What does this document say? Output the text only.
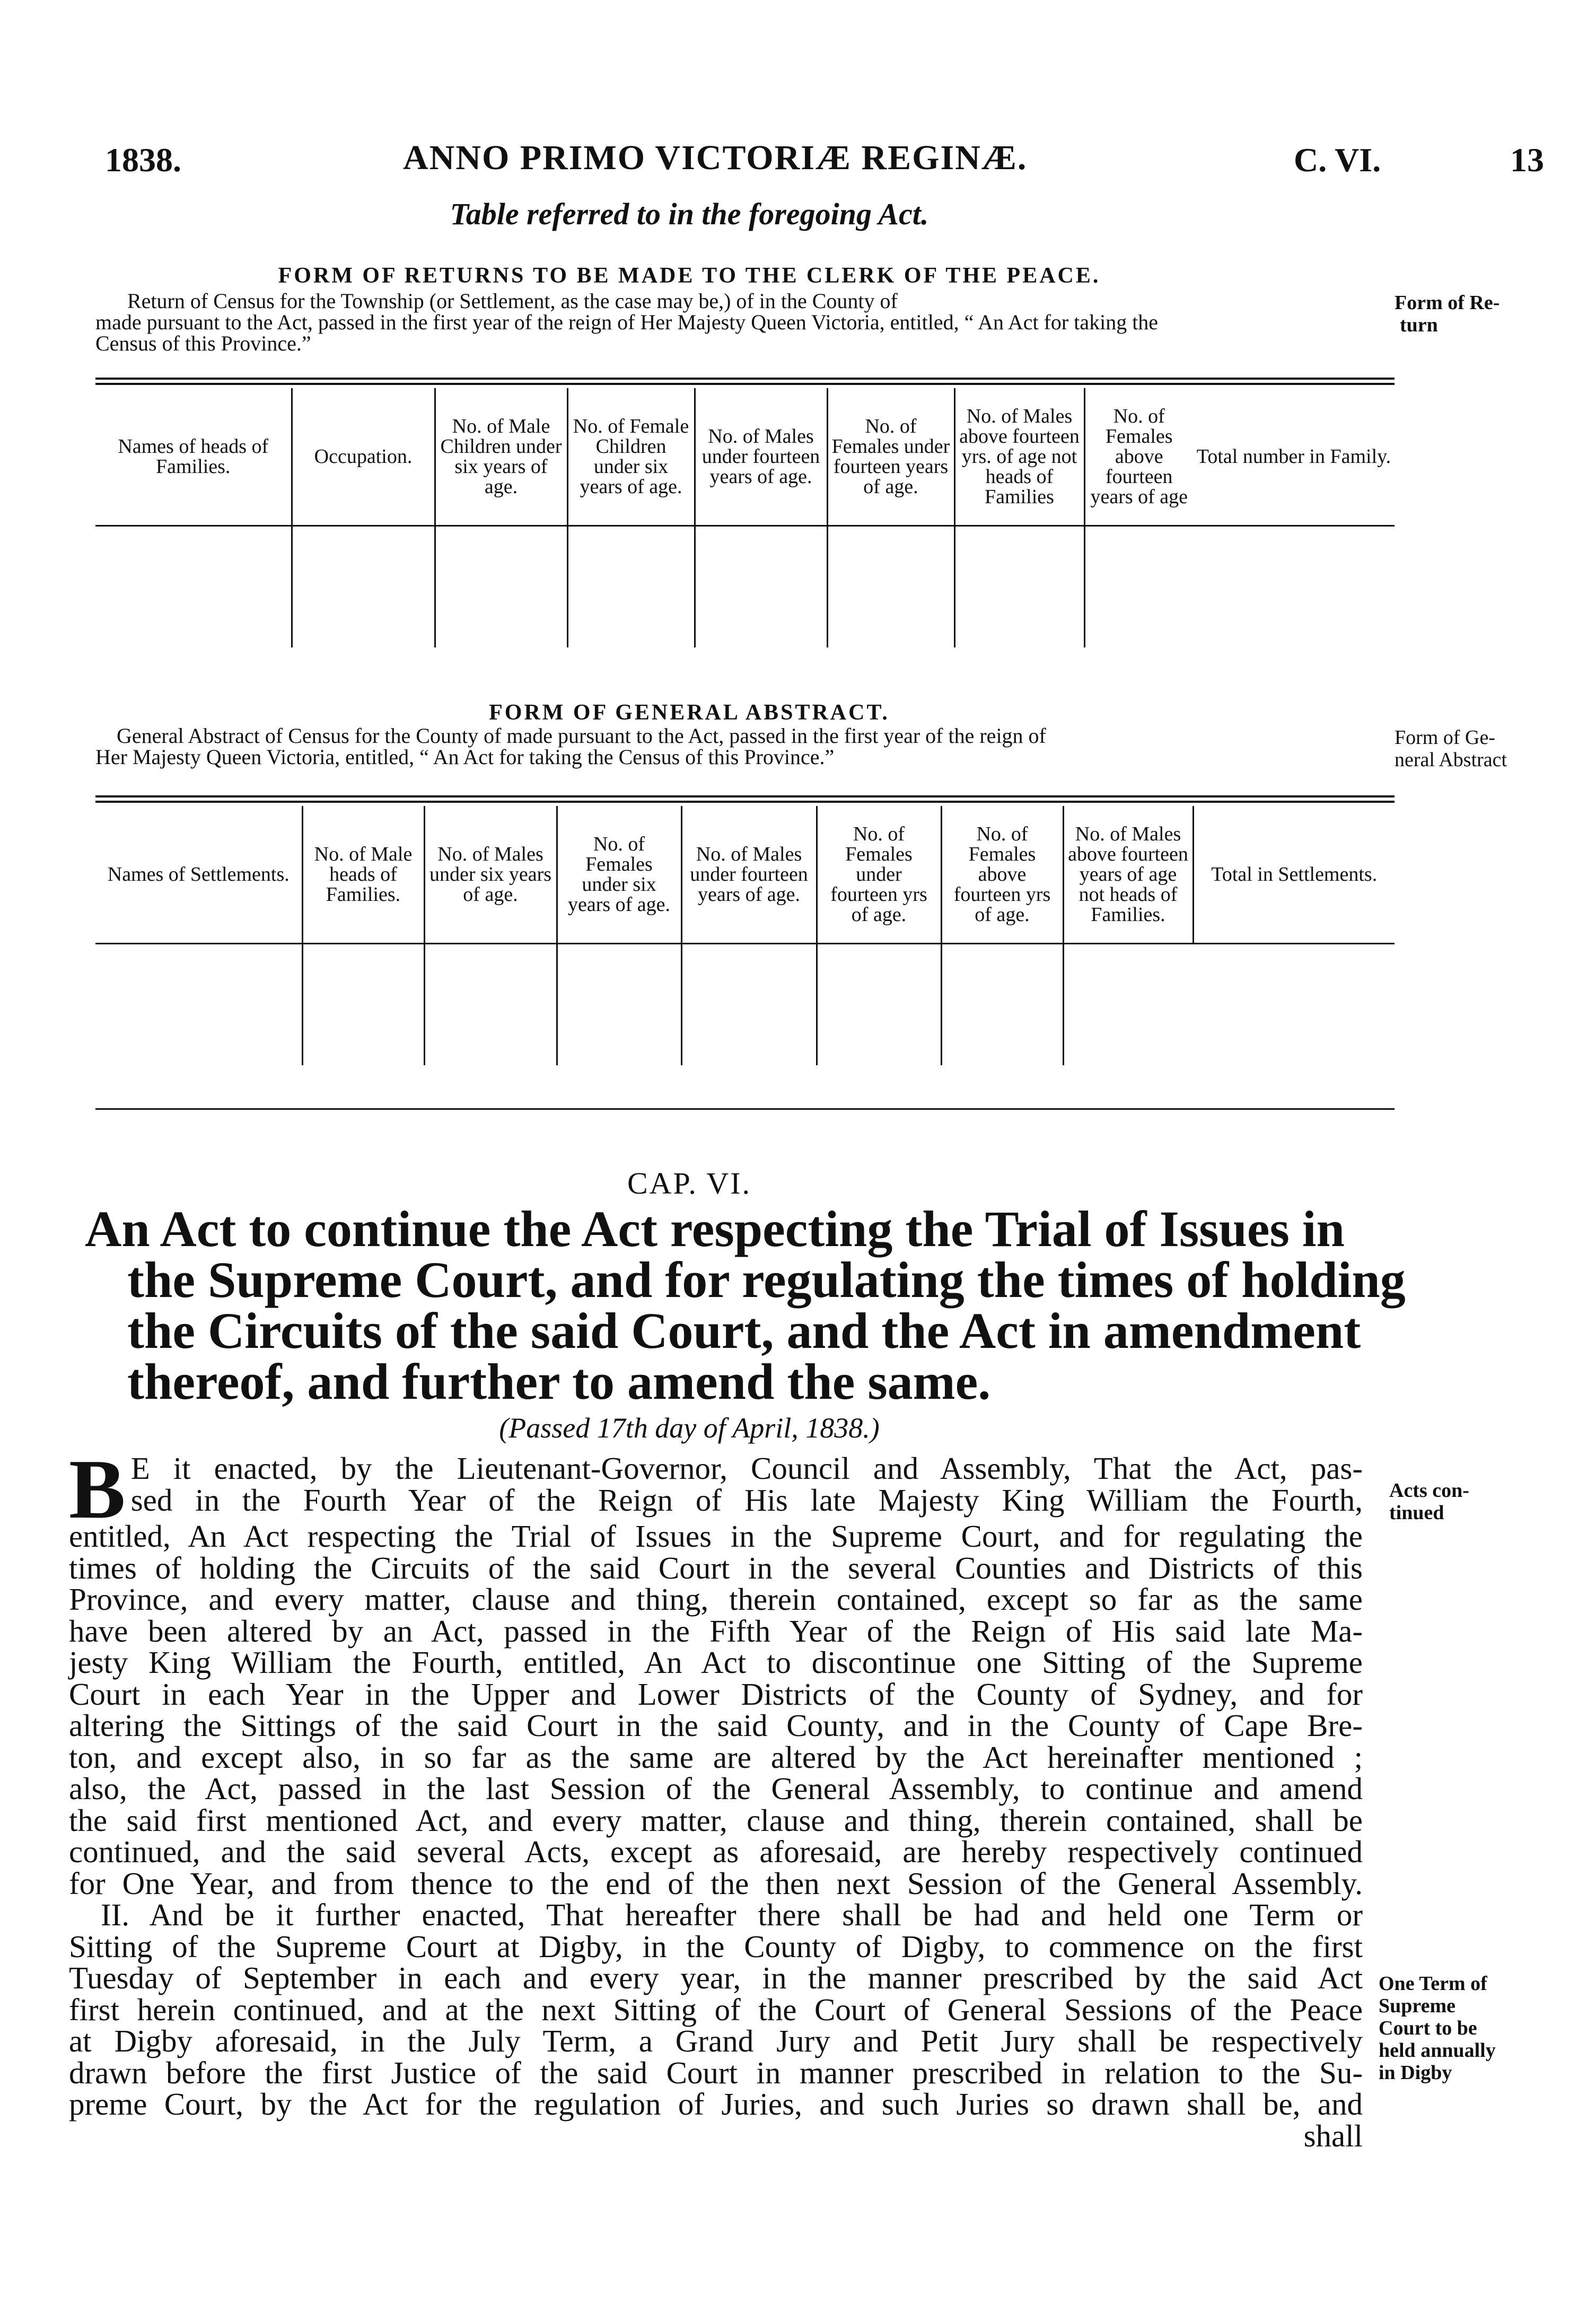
1838.	ANNO PRIMO VICTORIÆ REGINÆ.	C. VI.	13
Table referred to in the foregoing Act.
FORM OF RETURNS TO BE MADE TO THE CLERK OF THE PEACE.
Return of Census for the Township (or Settlement, as the case may be,) of in the County of
made pursuant to the Act, passed in the first year of the reign of Her Majesty Queen Victoria, entitled, “ An Act for taking the
Census of this Province.”
Form of Re-
turn
Names of heads of Families.	Occupation.	No. of Male Children under six years of age.	No. of Female Children under six years of age.	No. of Males under fourteen years of age.	No. of Females under fourteen years of age.	No. of Males above fourteen yrs. of age not heads of Families	No. of Females above fourteen years of age	Total number in Family.

FORM OF GENERAL ABSTRACT.
General Abstract of Census for the County of made pursuant to the Act, passed in the first year of the reign of
Her Majesty Queen Victoria, entitled, “ An Act for taking the Census of this Province.”
Form of Ge-
neral Abstract
Names of Settlements.	No. of Male heads of Families.	No. of Males under six years of age.	No. of Females under six years of age.	No. of Males under fourteen years of age.	No. of Females under fourteen yrs of age.	No. of Females above fourteen yrs of age.	No. of Males above fourteen years of age not heads of Families.	Total in Settlements.

CAP. VI.
An Act to continue the Act respecting the Trial of Issues in
the Supreme Court, and for regulating the times of holding
the Circuits of the said Court, and the Act in amendment
thereof, and further to amend the same.
(Passed 17th day of April, 1838.)
B E it enacted, by the Lieutenant-Governor, Council and Assembly, That the Act, pas-
sed in the Fourth Year of the Reign of His late Majesty King William the Fourth,
entitled, An Act respecting the Trial of Issues in the Supreme Court, and for regulating the
times of holding the Circuits of the said Court in the several Counties and Districts of this
Province, and every matter, clause and thing, therein contained, except so far as the same
have been altered by an Act, passed in the Fifth Year of the Reign of His said late Ma-
jesty King William the Fourth, entitled, An Act to discontinue one Sitting of the Supreme
Court in each Year in the Upper and Lower Districts of the County of Sydney, and for
altering the Sittings of the said Court in the said County, and in the County of Cape Bre-
ton, and except also, in so far as the same are altered by the Act hereinafter mentioned ;
also, the Act, passed in the last Session of the General Assembly, to continue and amend
the said first mentioned Act, and every matter, clause and thing, therein contained, shall be
continued, and the said several Acts, except as aforesaid, are hereby respectively continued
for One Year, and from thence to the end of the then next Session of the General Assembly.
II. And be it further enacted, That hereafter there shall be had and held one Term or
Sitting of the Supreme Court at Digby, in the County of Digby, to commence on the first
Tuesday of September in each and every year, in the manner prescribed by the said Act
first herein continued, and at the next Sitting of the Court of General Sessions of the Peace
at Digby aforesaid, in the July Term, a Grand Jury and Petit Jury shall be respectively
drawn before the first Justice of the said Court in manner prescribed in relation to the Su-
preme Court, by the Act for the regulation of Juries, and such Juries so drawn shall be, and
shall
Acts con-
tinued
One Term of
Supreme
Court to be
held annually
in Digby
